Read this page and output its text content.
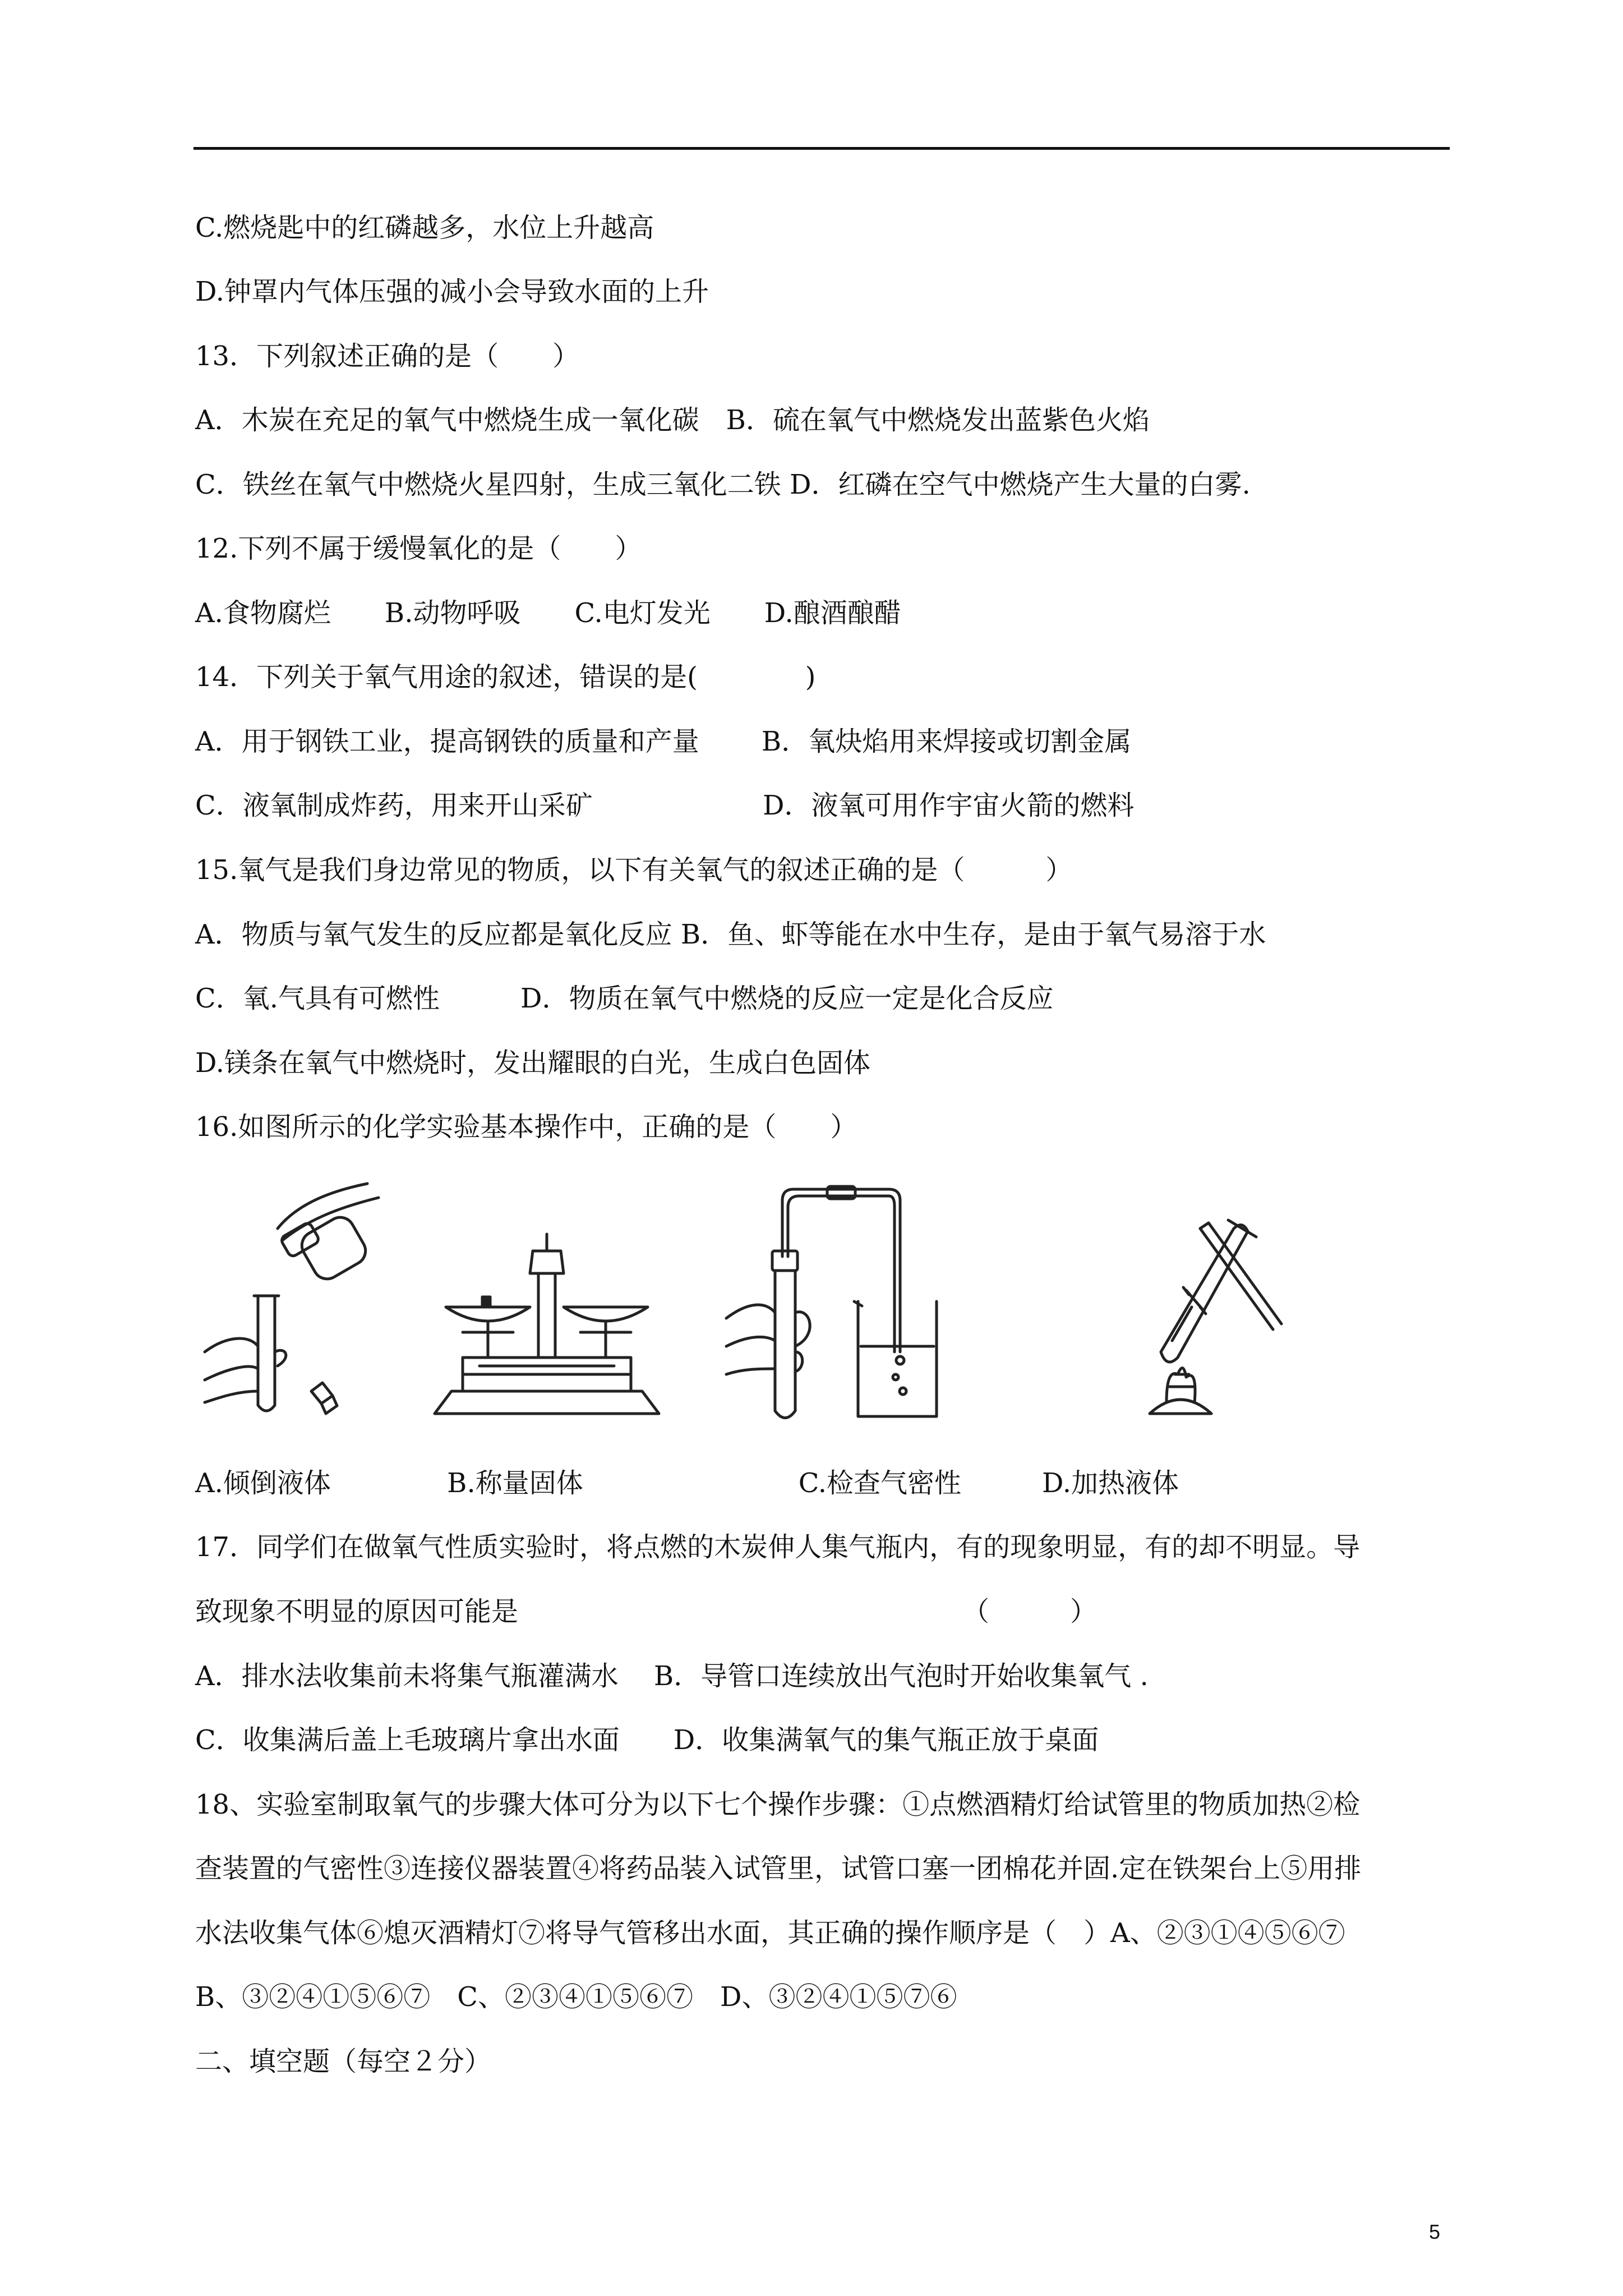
C.燃烧匙中的红磷越多，水位上升越高
D.钟罩内气体压强的减小会导致水面的上升
13．下列叙述正确的是（　　）
A．木炭在充足的氧气中燃烧生成一氧化碳　B．硫在氧气中燃烧发出蓝紫色火焰
C．铁丝在氧气中燃烧火星四射，生成三氧化二铁 D．红磷在空气中燃烧产生大量的白雾.
12.下列不属于缓慢氧化的是（　　）
A.食物腐烂　　B.动物呼吸　　C.电灯发光　　D.酿酒酿醋
14．下列关于氧气用途的叙述，错误的是(　　　　)
A．用于钢铁工业，提高钢铁的质量和产量　　 B．氧炔焰用来焊接或切割金属
C．液氧制成炸药，用来开山采矿　　　　　　 D．液氧可用作宇宙火箭的燃料
15.氧气是我们身边常见的物质，以下有关氧气的叙述正确的是（　　　）
A．物质与氧气发生的反应都是氧化反应 B．鱼、虾等能在水中生存，是由于氧气易溶于水
C．氧.气具有可燃性　　　D．物质在氧气中燃烧的反应一定是化合反应
D.镁条在氧气中燃烧时，发出耀眼的白光，生成白色固体
16.如图所示的化学实验基本操作中，正确的是（　　）
A.倾倒液体　　　　 B.称量固体　　　　　　　　C.检查气密性　　　D.加热液体
17．同学们在做氧气性质实验时，将点燃的木炭伸人集气瓶内，有的现象明显，有的却不明显。导
致现象不明显的原因可能是　　　　　　　　　　　　　　　　　（　　　）
A．排水法收集前未将集气瓶灌满水　 B．导管口连续放出气泡时开始收集氧气 .
C．收集满后盖上毛玻璃片拿出水面　　D．收集满氧气的集气瓶正放于桌面
18、实验室制取氧气的步骤大体可分为以下七个操作步骤：①点燃酒精灯给试管里的物质加热②检
查装置的气密性③连接仪器装置④将药品装入试管里，试管口塞一团棉花并固.定在铁架台上⑤用排
水法收集气体⑥熄灭酒精灯⑦将导气管移出水面，其正确的操作顺序是（　）A、②③①④⑤⑥⑦
B、③②④①⑤⑥⑦　C、②③④①⑤⑥⑦　D、③②④①⑤⑦⑥
二、填空题（每空２分）
5
